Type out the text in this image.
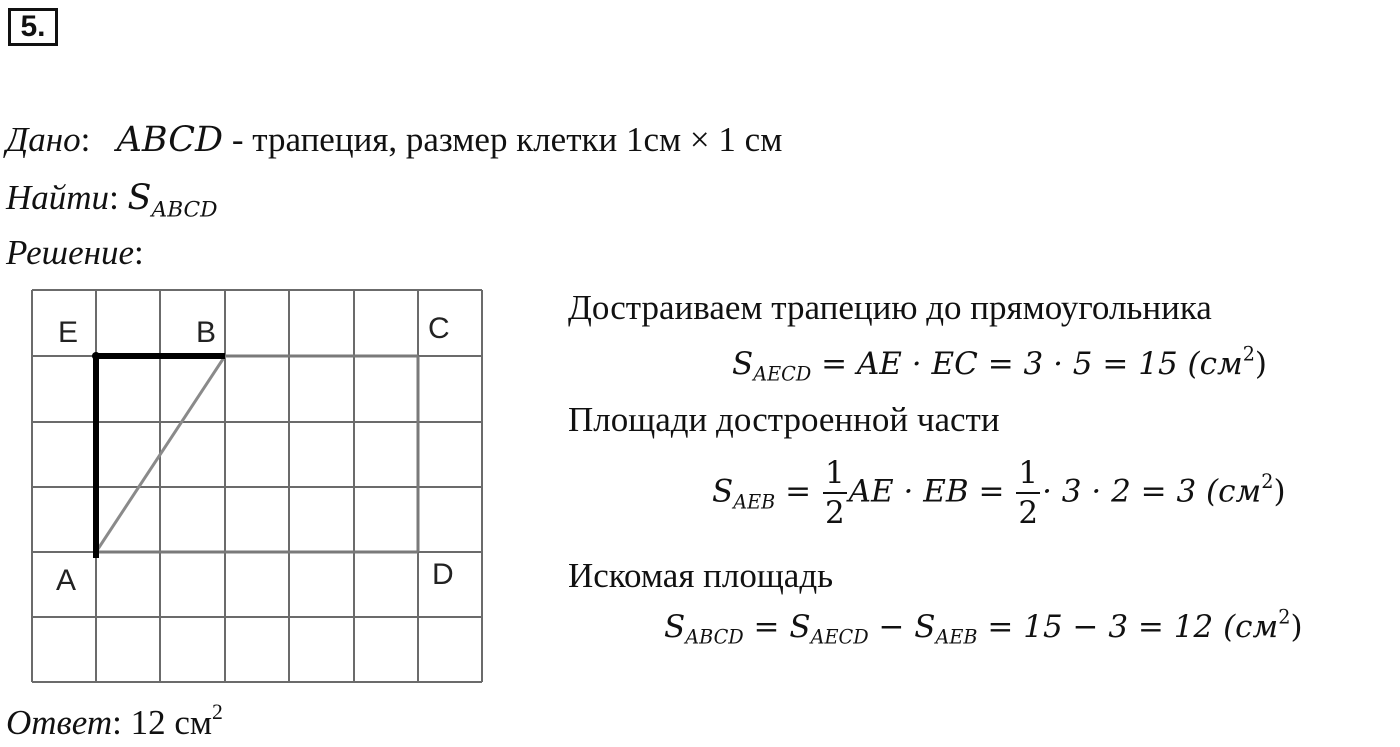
5.
Дано: ABCD - трапеция, размер клетки 1см × 1 см
Найти: $S_{ABCD}$
Решение:
E	B	C
A	D
Достраиваем трапецию до прямоугольника
$S_{AECD}$ = AE · EC = 3 · 5 = 15 $(см^2)$
Площади достроенной части
$S_{AEB} = \frac{1}{2}$ AE · EB = $\frac{1}{2} \cdot 3 \cdot 2 = 3$ $(см^2)$
Искомая площадь
$S_{ABCD} = S_{AECD} - S_{AEB} = 15 - 3 = 12$ $(см^2)$
Ответ: 12 $см^2$
